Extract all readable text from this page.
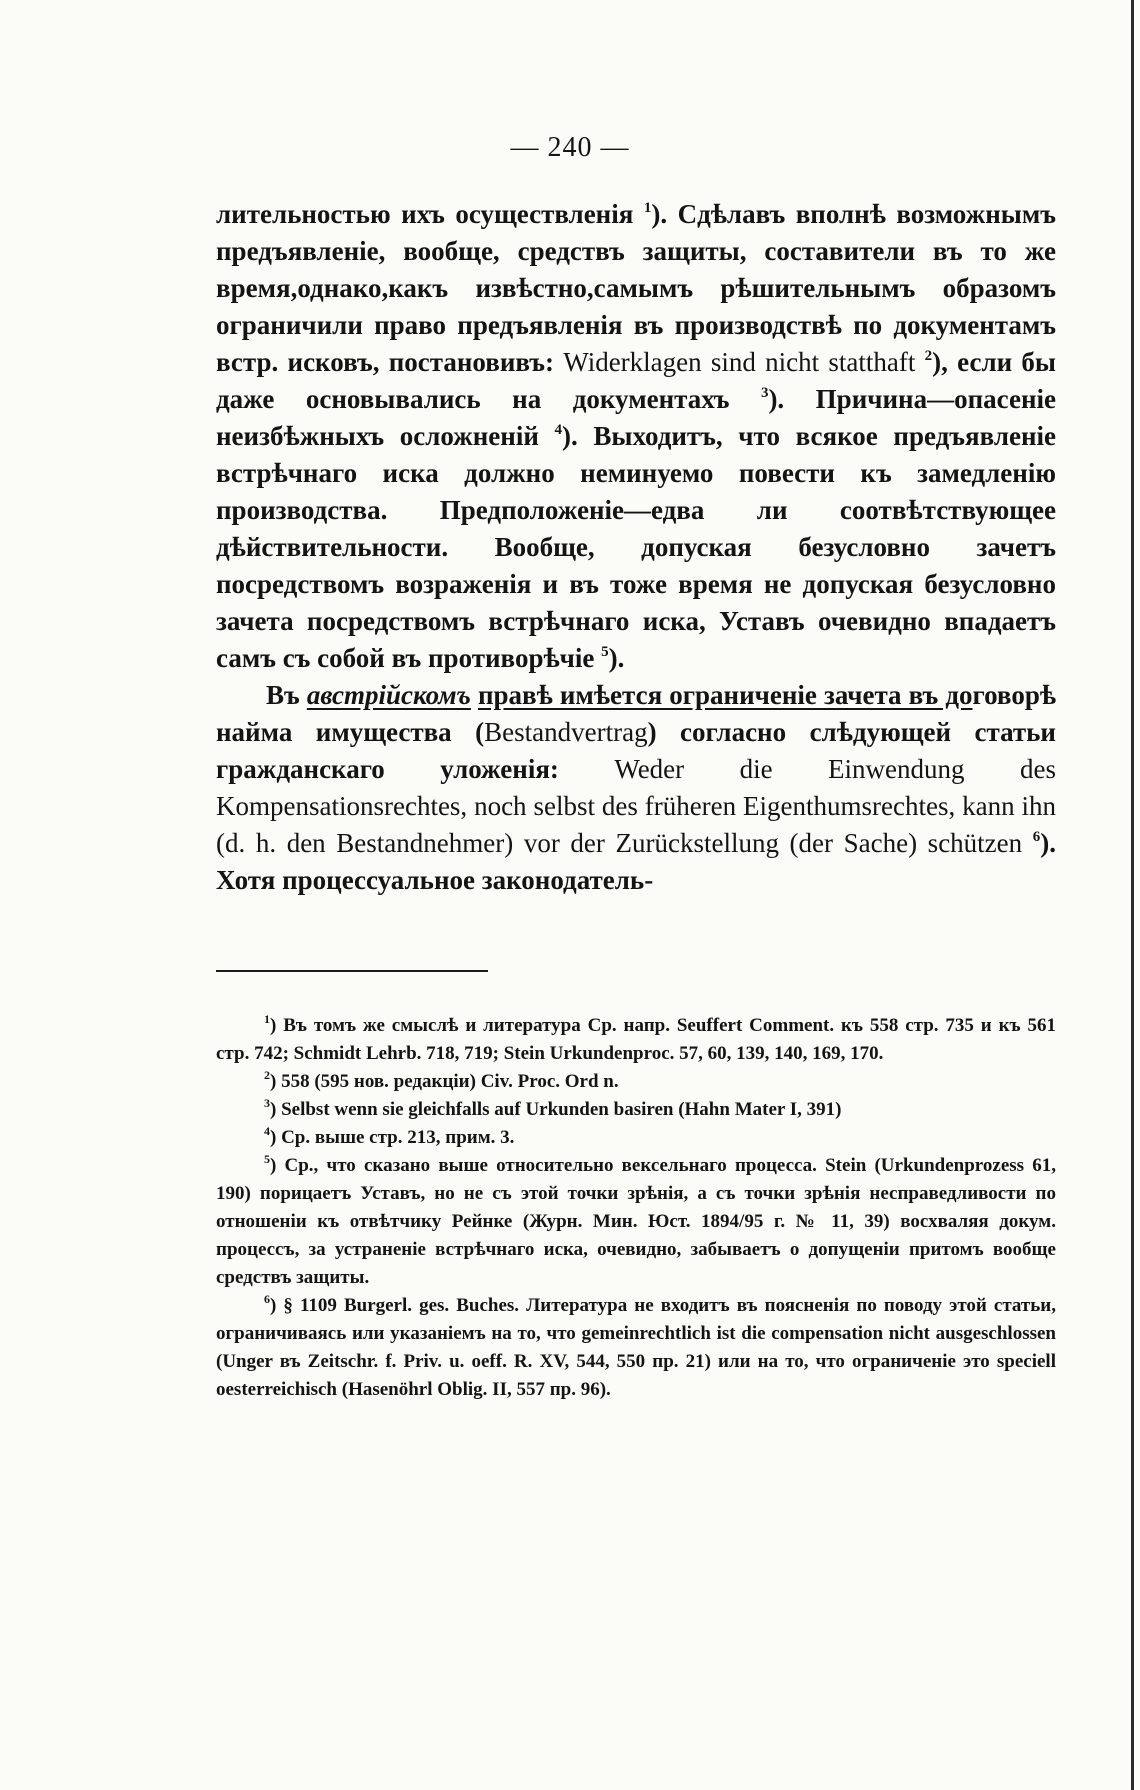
— 240 —

лительностью ихъ осуществленія $^1$). Сдѣлавъ вполнѣ возможнымъ предъявленіе, вообще, средствъ защиты, составители въ то же время,однако,какъ извѣстно,самымъ рѣшительнымъ образомъ ограничили право предъявленія въ производствѣ по документамъ встр. исковъ, постановивъ: Widerklagen sind nicht statthaft $^2$), если бы даже основывались на документахъ $^3$). Причина—опасеніе неизбѣжныхъ осложненій $^4$). Выходитъ, что всякое предъявленіе встрѣчнаго иска должно неминуемо повести къ замедленію производства. Предположеніе—едва ли соотвѣтствующее дѣйствительности. Вообще, допуская безусловно зачетъ посредствомъ возраженія и въ тоже время не допуская безусловно зачета посредствомъ встрѣчнаго иска, Уставъ очевидно впадаетъ самъ съ собой въ противорѣчіе $^5$).

Въ австрійскомъ правѣ имѣется ограниченіе зачета въ договорѣ найма имущества (Bestandvertrag) согласно слѣдующей статьи гражданскаго уложенія: Weder die Einwendung des Kompensationsrechtes, noch selbst des früheren Eigenthumsrechtes, kann ihn (d. h. den Bestandnehmer) vor der Zurückstellung (der Sache) schützen $^6$). Хотя процессуальное законодатель-

$^1$) Въ томъ же смыслѣ и литература Ср. напр. Seuffert Comment. къ 558 стр. 735 и къ 561 стр. 742; Schmidt Lehrb. 718, 719; Stein Urkundenproc. 57, 60, 139, 140, 169, 170.

$^2$) 558 (595 нов. редакціи) Civ. Proc. Ord n.

$^3$) Selbst wenn sie gleichfalls auf Urkunden basiren (Hahn Mater I, 391)

$^4$) Ср. выше стр. 213, прим. 3.

$^5$) Ср., что сказано выше относительно вексельнаго процесса. Stein (Urkundenprozess 61, 190) порицаетъ Уставъ, но не съ этой точки зрѣнія, а съ точки зрѣнія несправедливости по отношенiи къ отвѣтчику Рейнке (Журн. Мин. Юст. 1894/95 г. № 11, 39) восхваляя докум. процессъ, за устраненіе встрѣчнаго иска, очевидно, забываетъ о допущеніи притомъ вообще средствъ защиты.

$^6$) § 1109 Burgerl. ges. Buches. Литература не входитъ въ поясненія по поводу этой статьи, ограничиваясь или указаніемъ на то, что gemeinrechtlich ist die compensation nicht ausgeschlossen (Unger въ Zeitschr. f. Priv. u. oeff. R. XV, 544, 550 пр. 21) или на то, что ограниченіе это speciell oesterreichisch (Hasenöhrl Oblig. II, 557 пр. 96).
